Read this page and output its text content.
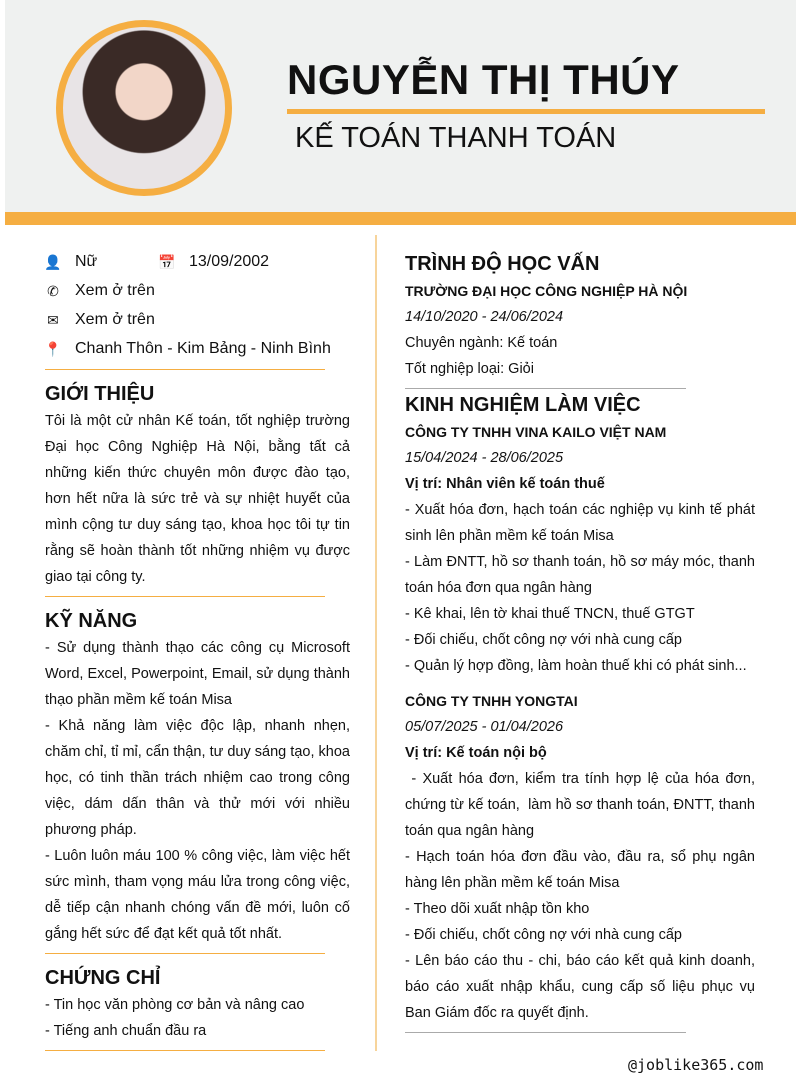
NGUYỄN THỊ THÚY
KẾ TOÁN THANH TOÁN
👤 Nữ	📅 13/09/2002
✆ Xem ở trên
✉ Xem ở trên
📍 Chanh Thôn - Kim Bảng - Ninh Bình
GIỚI THIỆU

Tôi là một cử nhân Kế toán, tốt nghiệp trường Đại học Công Nghiệp Hà Nội, bằng tất cả những kiến thức chuyên môn được đào tạo, hơn hết nữa là sức trẻ và sự nhiệt huyết của mình cộng tư duy sáng tạo, khoa học tôi tự tin rằng sẽ hoàn thành tốt những nhiệm vụ được giao tại công ty.

KỸ NĂNG

- Sử dụng thành thạo các công cụ Microsoft Word, Excel, Powerpoint, Email, sử dụng thành thạo phần mềm kế toán Misa

- Khả năng làm việc độc lập, nhanh nhẹn, chăm chỉ, tỉ mỉ, cẩn thận, tư duy sáng tạo, khoa học, có tinh thần trách nhiệm cao trong công việc, dám dấn thân và thử mới với nhiều phương pháp.

- Luôn luôn máu 100 % công việc, làm việc hết sức mình, tham vọng máu lửa trong công việc, dễ tiếp cận nhanh chóng vấn đề mới, luôn cố gắng hết sức để đạt kết quả tốt nhất.

CHỨNG CHỈ

- Tin học văn phòng cơ bản và nâng cao

- Tiếng anh chuẩn đầu ra

TRÌNH ĐỘ HỌC VẤN

TRƯỜNG ĐẠI HỌC CÔNG NGHIỆP HÀ NỘI

14/10/2020 - 24/06/2024

Chuyên ngành: Kế toán

Tốt nghiệp loại: Giỏi

KINH NGHIỆM LÀM VIỆC

CÔNG TY TNHH VINA KAILO VIỆT NAM

15/04/2024 - 28/06/2025

Vị trí: Nhân viên kế toán thuế

- Xuất hóa đơn, hạch toán các nghiệp vụ kinh tế phát sinh lên phần mềm kế toán Misa

- Làm ĐNTT, hồ sơ thanh toán, hồ sơ máy móc, thanh toán hóa đơn qua ngân hàng

- Kê khai, lên tờ khai thuế TNCN, thuế GTGT

- Đối chiếu, chốt công nợ với nhà cung cấp

- Quản lý hợp đồng, làm hoàn thuế khi có phát sinh...

CÔNG TY TNHH YONGTAI

05/07/2025 - 01/04/2026

Vị trí: Kế toán nội bộ

- Xuất hóa đơn, kiểm tra tính hợp lệ của hóa đơn, chứng từ kế toán,  làm hồ sơ thanh toán, ĐNTT, thanh toán qua ngân hàng

- Hạch toán hóa đơn đầu vào, đầu ra, sổ phụ ngân hàng lên phần mềm kế toán Misa

- Theo dõi xuất nhập tồn kho

- Đối chiếu, chốt công nợ với nhà cung cấp

- Lên báo cáo thu - chi, báo cáo kết quả kinh doanh, báo cáo xuất nhập khẩu, cung cấp số liệu phục vụ Ban Giám đốc ra quyết định.

@joblike365.com
